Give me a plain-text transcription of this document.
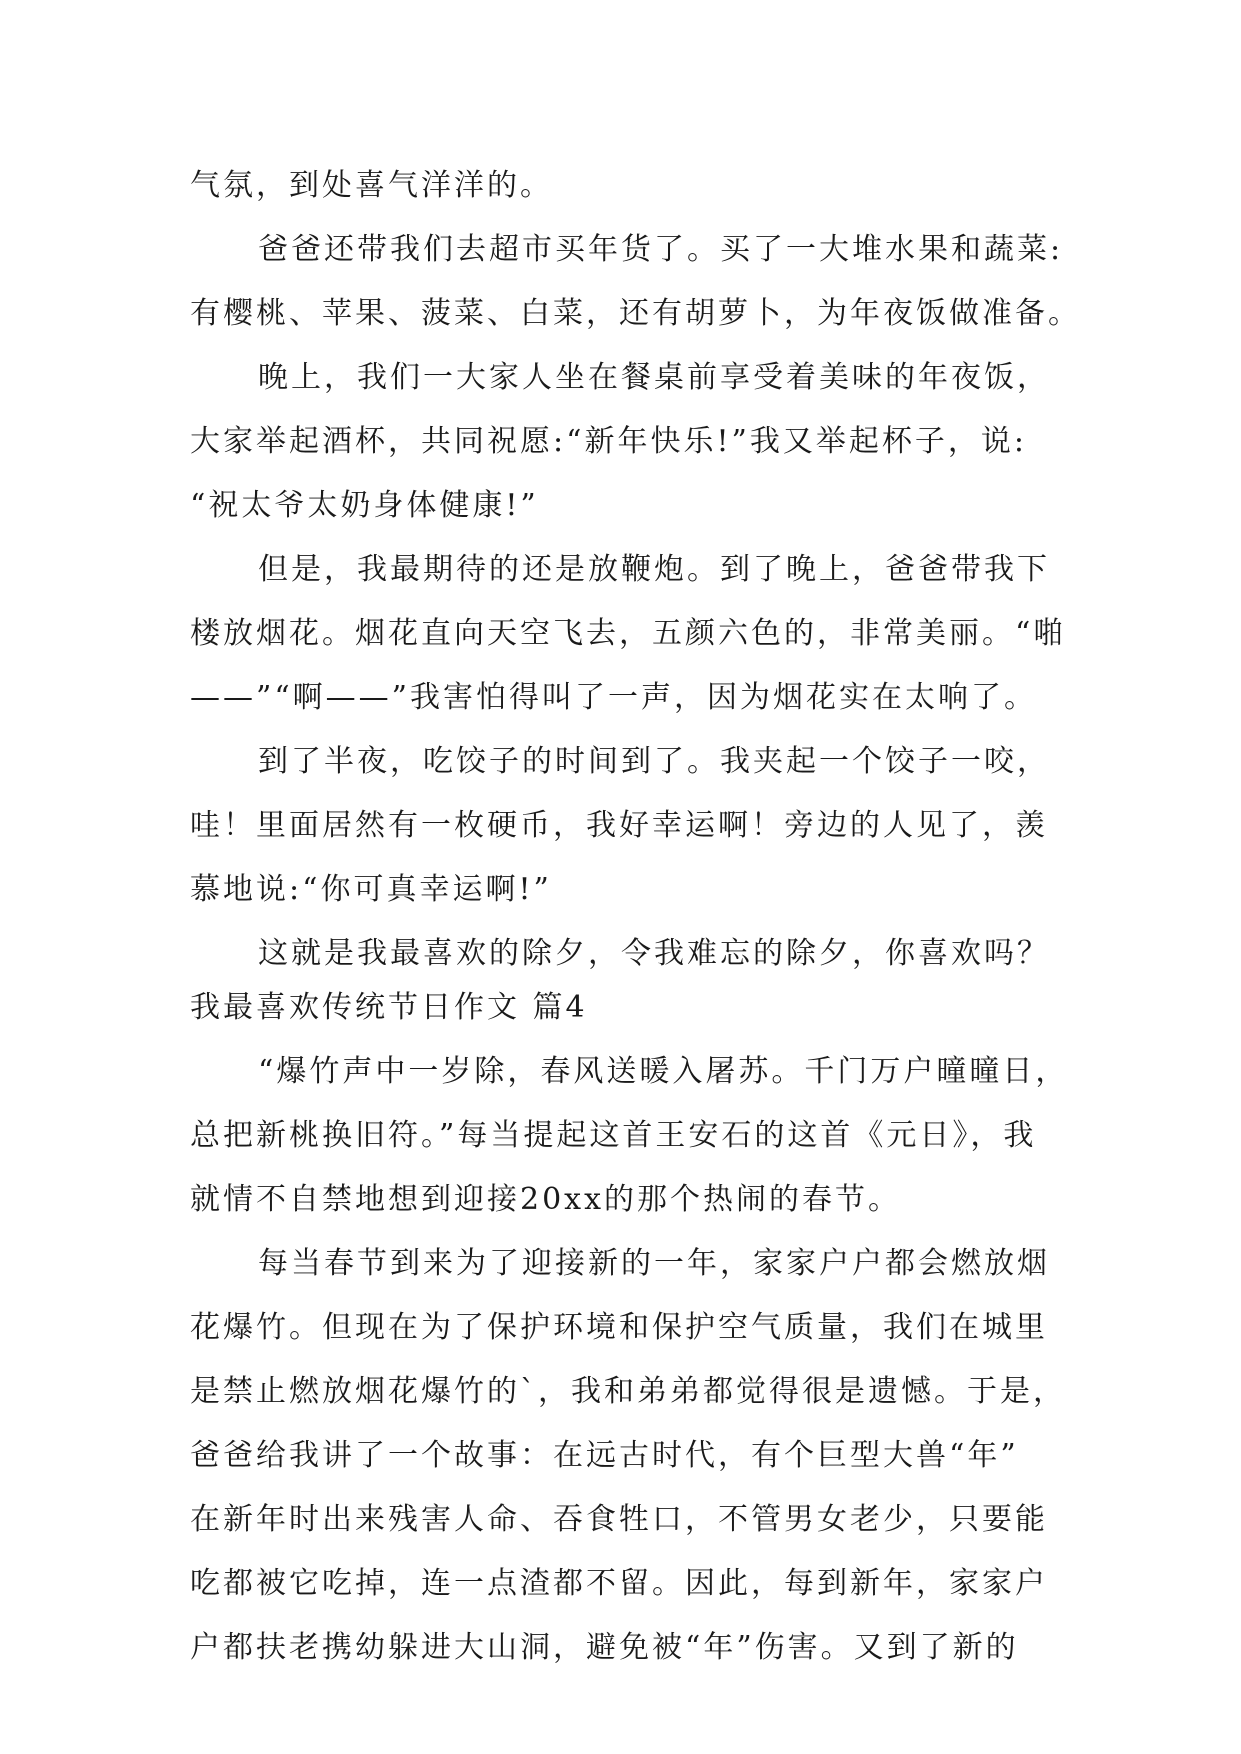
气氛，到处喜气洋洋的。
爸爸还带我们去超市买年货了。买了一大堆水果和蔬菜:
有樱桃、苹果、菠菜、白菜，还有胡萝卜，为年夜饭做准备。
晚上，我们一大家人坐在餐桌前享受着美味的年夜饭，
大家举起酒杯，共同祝愿:“新年快乐!”我又举起杯子，说:
“祝太爷太奶身体健康!”
但是，我最期待的还是放鞭炮。到了晚上，爸爸带我下
楼放烟花。烟花直向天空飞去，五颜六色的，非常美丽。“啪
——”“啊——”我害怕得叫了一声，因为烟花实在太响了。
到了半夜，吃饺子的时间到了。我夹起一个饺子一咬，
哇！里面居然有一枚硬币，我好幸运啊！旁边的人见了，羡
慕地说:“你可真幸运啊!”
这就是我最喜欢的除夕，令我难忘的除夕，你喜欢吗？
我最喜欢传统节日作文 篇4
“爆竹声中一岁除，春风送暖入屠苏。千门万户曈曈日，
总把新桃换旧符。”每当提起这首王安石的这首《元日》，我
就情不自禁地想到迎接20xx的那个热闹的春节。
每当春节到来为了迎接新的一年，家家户户都会燃放烟
花爆竹。但现在为了保护环境和保护空气质量，我们在城里
是禁止燃放烟花爆竹的`，我和弟弟都觉得很是遗憾。于是，
爸爸给我讲了一个故事：在远古时代，有个巨型大兽“年”
在新年时出来残害人命、吞食牲口，不管男女老少，只要能
吃都被它吃掉，连一点渣都不留。因此，每到新年，家家户
户都扶老携幼躲进大山洞，避免被“年”伤害。又到了新的
